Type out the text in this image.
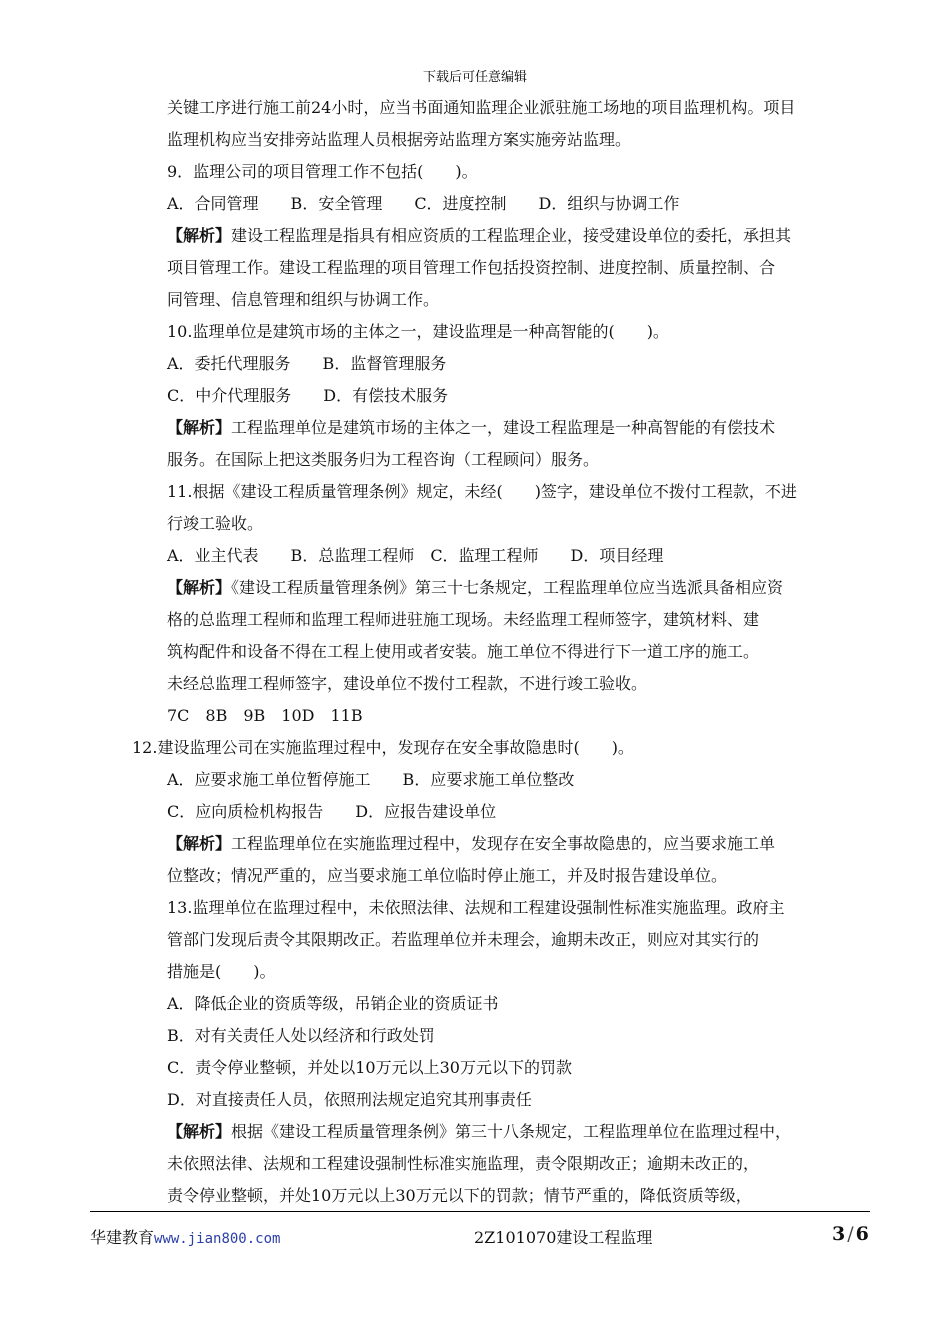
下载后可任意编辑
关键工序进行施工前24小时，应当书面通知监理企业派驻施工场地的项目监理机构。项目
监理机构应当安排旁站监理人员根据旁站监理方案实施旁站监理。
9．监理公司的项目管理工作不包括(　　)。
A．合同管理　　B．安全管理　　C．进度控制　　D．组织与协调工作
【解析】建设工程监理是指具有相应资质的工程监理企业，接受建设单位的委托，承担其
项目管理工作。建设工程监理的项目管理工作包括投资控制、进度控制、质量控制、合
同管理、信息管理和组织与协调工作。
10.监理单位是建筑市场的主体之一，建设监理是一种高智能的(　　)。
A．委托代理服务　　B．监督管理服务
C．中介代理服务　　D．有偿技术服务
【解析】工程监理单位是建筑市场的主体之一，建设工程监理是一种高智能的有偿技术
服务。在国际上把这类服务归为工程咨询（工程顾问）服务。
11.根据《建设工程质量管理条例》规定，未经(　　)签字，建设单位不拨付工程款，不进
行竣工验收。
A．业主代表　　B．总监理工程师　C．监理工程师　　D．项目经理
【解析】《建设工程质量管理条例》第三十七条规定，工程监理单位应当选派具备相应资
格的总监理工程师和监理工程师进驻施工现场。未经监理工程师签字，建筑材料、建
筑构配件和设备不得在工程上使用或者安装。施工单位不得进行下一道工序的施工。
未经总监理工程师签字，建设单位不拨付工程款，不进行竣工验收。
7C　8B　9B　10D　11B
12.建设监理公司在实施监理过程中，发现存在安全事故隐患时(　　)。
A．应要求施工单位暂停施工　　B．应要求施工单位整改
C．应向质检机构报告　　D．应报告建设单位
【解析】工程监理单位在实施监理过程中，发现存在安全事故隐患的，应当要求施工单
位整改；情况严重的，应当要求施工单位临时停止施工，并及时报告建设单位。
13.监理单位在监理过程中，未依照法律、法规和工程建设强制性标准实施监理。政府主
管部门发现后责令其限期改正。若监理单位并未理会，逾期未改正，则应对其实行的
措施是(　　)。
A．降低企业的资质等级，吊销企业的资质证书
B．对有关责任人处以经济和行政处罚
C．责令停业整顿，并处以10万元以上30万元以下的罚款
D．对直接责任人员，依照刑法规定追究其刑事责任
【解析】根据《建设工程质量管理条例》第三十八条规定，工程监理单位在监理过程中，
未依照法律、法规和工程建设强制性标准实施监理，责令限期改正；逾期未改正的，
责令停业整顿，并处10万元以上30万元以下的罚款；情节严重的，降低资质等级，
华建教育www.jian800.com	2Z101070建设工程监理	3 / 6
